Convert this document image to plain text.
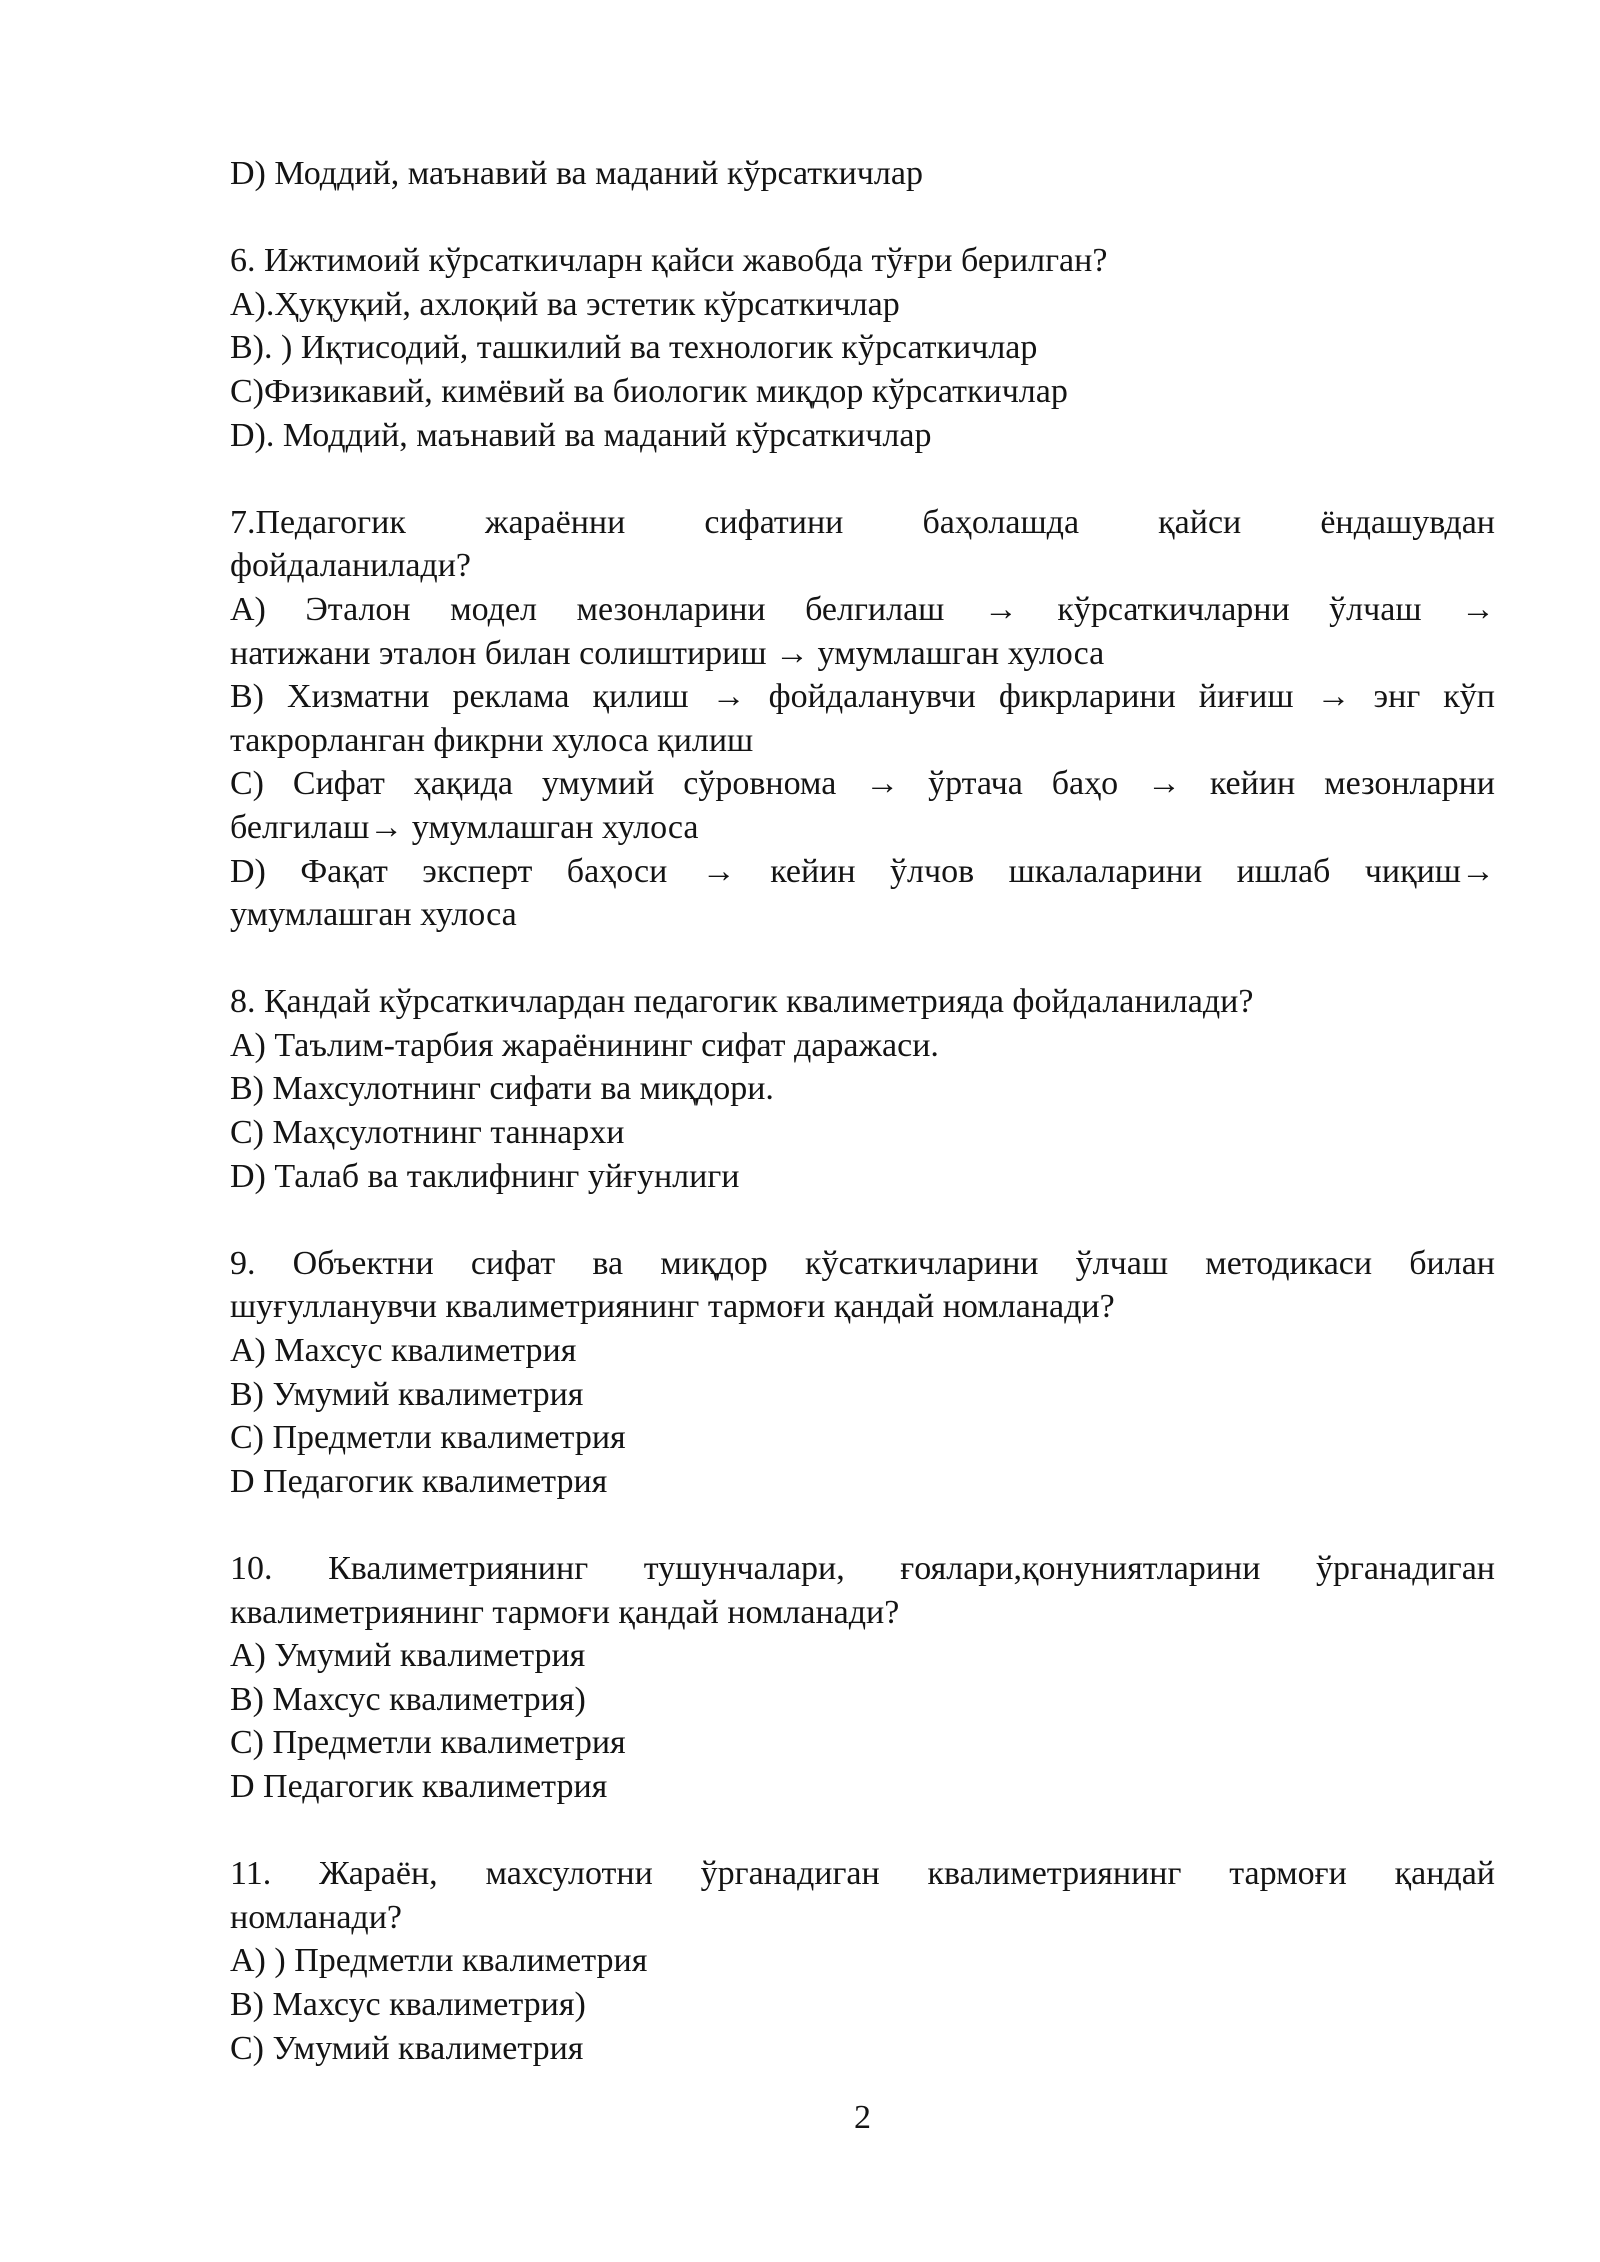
D) Моддий, маънавий ва маданий кўрсаткичлар

6. Ижтимоий кўрсаткичларн қайси жавобда тўғри берилган?

А).Ҳуқуқий, ахлоқий ва эстетик кўрсаткичлар

В). ) Иқтисодий, ташкилий ва технологик кўрсаткичлар

С)Физикавий, кимёвий ва биологик миқдор кўрсаткичлар

D). Моддий, маънавий ва маданий кўрсаткичлар

7.Педагогик жараённи сифатини баҳолашда қайси ёндашувдан

фойдаланилади?

А) Эталон модел мезонларини белгилаш → кўрсаткичларни ўлчаш →

натижани эталон билан солиштириш → умумлашган хулоса

В) Хизматни реклама қилиш → фойдаланувчи фикрларини йиғиш → энг кўп

такрорланган фикрни хулоса қилиш

С) Сифат ҳақида умумий сўровнома → ўртача баҳо → кейин мезонларни

белгилаш→ умумлашган хулоса

D) Фақат эксперт баҳоси → кейин ўлчов шкалаларини ишлаб чиқиш→

умумлашган хулоса

8. Қандай кўрсаткичлардан педагогик квалиметрияда фойдаланилади?

А) Таълим-тарбия жараёнининг сифат даражаси.

В) Махсулотнинг сифати ва миқдори.

С) Маҳсулотнинг таннархи

D) Талаб ва таклифнинг уйғунлиги

9. Объектни сифат ва миқдор кўсаткичларини ўлчаш методикаси билан

шуғулланувчи квалиметриянинг тармоғи қандай номланади?

А) Махсус квалиметрия

В) Умумий квалиметрия

С) Предметли квалиметрия

D Педагогик квалиметрия

10. Квалиметриянинг тушунчалари, ғоялари,қонуниятларини ўрганадиган

квалиметриянинг тармоғи қандай номланади?

А) Умумий квалиметрия

В) Махсус квалиметрия)

С) Предметли квалиметрия

D Педагогик квалиметрия

11. Жараён, махсулотни ўрганадиган квалиметриянинг тармоғи қандай

номланади?

А) ) Предметли квалиметрия

В) Махсус квалиметрия)

С) Умумий квалиметрия

2
